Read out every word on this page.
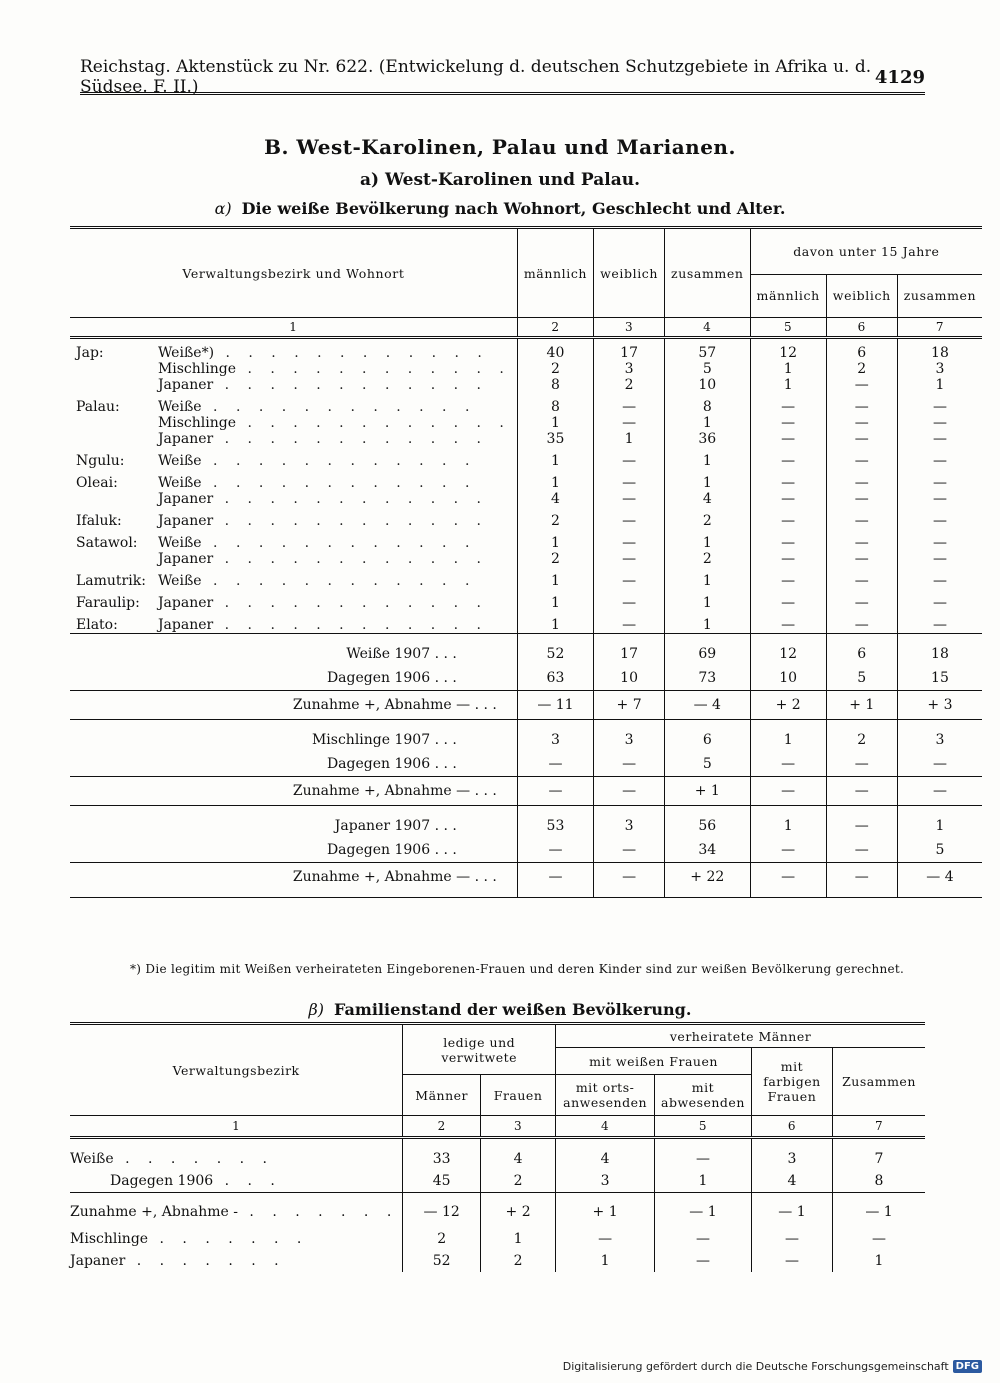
Reichstag. Aktenstück zu Nr. 622. (Entwickelung d. deutschen Schutzgebiete in Afrika u. d. Südsee. F. II.)	4129
B. West-Karolinen, Palau und Marianen.
a) West-Karolinen und Palau.
α) Die weiße Bevölkerung nach Wohnort, Geschlecht und Alter.
Verwaltungsbezirk und Wohnort		männlich	weiblich	zusammen	davon unter 15 Jahre		
					männlich	weiblich	zusammen
1		2	3	4	5	6	7
Jap:	Weiße*) . . . . . . . . . . . .	40	17	57	12	6	18
	Mischlinge . . . . . . . . . . . .	2	3	5	1	2	3
	Japaner . . . . . . . . . . . .	8	2	10	1	—	1
Palau:	Weiße . . . . . . . . . . . .	8	—	8	—	—	—
	Mischlinge . . . . . . . . . . . .	1	—	1	—	—	—
	Japaner . . . . . . . . . . . .	35	1	36	—	—	—
Ngulu:	Weiße . . . . . . . . . . . .	1	—	1	—	—	—
Oleai:	Weiße . . . . . . . . . . . .	1	—	1	—	—	—
	Japaner . . . . . . . . . . . .	4	—	4	—	—	—
Ifaluk:	Japaner . . . . . . . . . . . .	2	—	2	—	—	—
Satawol:	Weiße . . . . . . . . . . . .	1	—	1	—	—	—
	Japaner . . . . . . . . . . . .	2	—	2	—	—	—
Lamutrik:	Weiße . . . . . . . . . . . .	1	—	1	—	—	—
Faraulip:	Japaner . . . . . . . . . . . .	1	—	1	—	—	—
Elato:	Japaner . . . . . . . . . . . .	1	—	1	—	—	—
Weiße 1907 . . .		52	17	69	12	6	18
Dagegen 1906 . . .		63	10	73	10	5	15
Zunahme +, Abnahme — . . .		— 11	+ 7	— 4	+ 2	+ 1	+ 3
Mischlinge 1907 . . .		3	3	6	1	2	3
Dagegen 1906 . . .		—	—	5	—	—	—
Zunahme +, Abnahme — . . .		—	—	+ 1	—	—	—
Japaner 1907 . . .		53	3	56	1	—	1
Dagegen 1906 . . .		—	—	34	—	—	5
Zunahme +, Abnahme — . . .		—	—	+ 22	—	—	— 4

*) Die legitim mit Weißen verheirateten Eingeborenen-Frauen und deren Kinder sind zur weißen Bevölkerung gerechnet.
β) Familienstand der weißen Bevölkerung.
Verwaltungsbezirk	ledige und verwitwete		verheiratete Männer			
			mit weißen Frauen		mit farbigen Frauen	Zusammen
	Männer	Frauen	mit orts-anwesenden	mit abwesenden		
1	2	3	4	5	6	7
Weiße . . . . . . .	33	4	4	—	3	7
Dagegen 1906 . . .	45	2	3	1	4	8
Zunahme +, Abnahme - . . . . . . .	— 12	+ 2	+ 1	— 1	— 1	— 1
Mischlinge . . . . . . .	2	1	—	—	—	—
Japaner . . . . . . .	52	2	1	—	—	1
Digitalisierung gefördert durch die Deutsche Forschungsgemeinschaft DFG
